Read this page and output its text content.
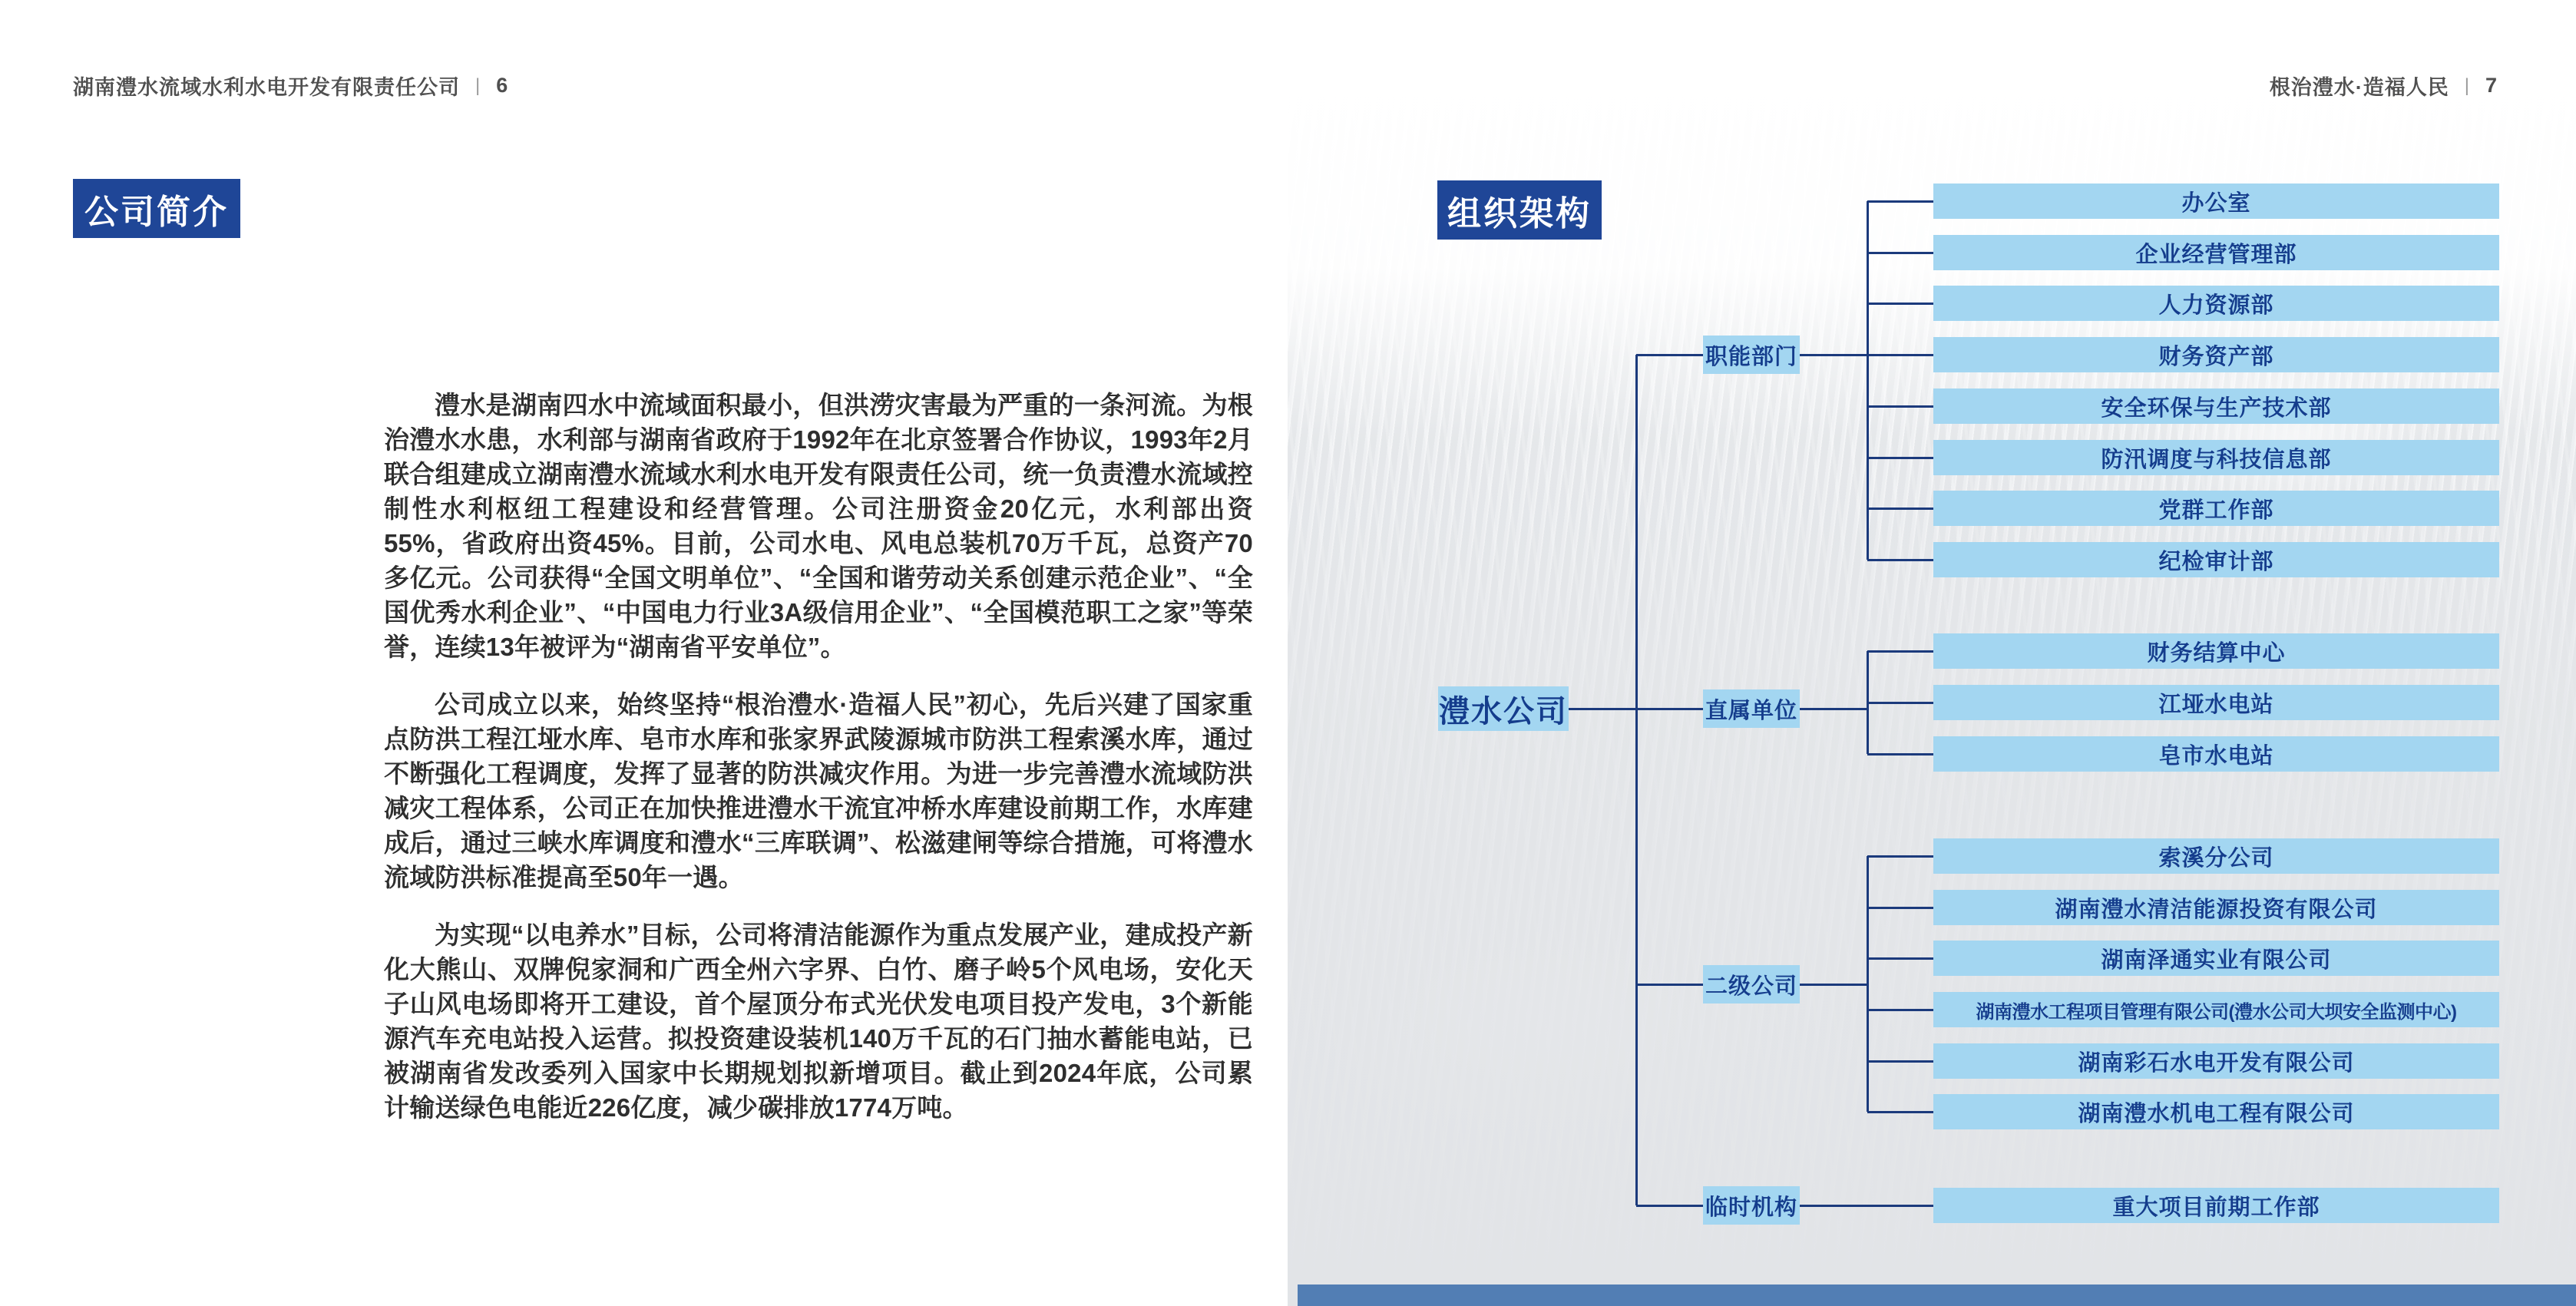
湖南澧水流域水利水电开发有限责任公司 | 6
公司简介

澧水是湖南四水中流域面积最小，但洪涝灾害最为严重的一条河流。为根治澧水水患，水利部与湖南省政府于1992年在北京签署合作协议，1993年2月联合组建成立湖南澧水流域水利水电开发有限责任公司，统一负责澧水流域控制性水利枢纽工程建设和经营管理。公司注册资金20亿元，水利部出资55%，省政府出资45%。目前，公司水电、风电总装机70万千瓦，总资产70多亿元。公司获得“全国文明单位”、“全国和谐劳动关系创建示范企业”、“全国优秀水利企业”、“中国电力行业3A级信用企业”、“全国模范职工之家”等荣誉，连续13年被评为“湖南省平安单位”。

公司成立以来，始终坚持“根治澧水·造福人民”初心，先后兴建了国家重点防洪工程江垭水库、皂市水库和张家界武陵源城市防洪工程索溪水库，通过不断强化工程调度，发挥了显著的防洪减灾作用。为进一步完善澧水流域防洪减灾工程体系，公司正在加快推进澧水干流宜冲桥水库建设前期工作，水库建成后，通过三峡水库调度和澧水“三库联调”、松滋建闸等综合措施，可将澧水流域防洪标准提高至50年一遇。

为实现“以电养水”目标，公司将清洁能源作为重点发展产业，建成投产新化大熊山、双牌倪家洞和广西全州六字界、白竹、磨子岭5个风电场，安化天子山风电场即将开工建设，首个屋顶分布式光伏发电项目投产发电，3个新能源汽车充电站投入运营。拟投资建设装机140万千瓦的石门抽水蓄能电站，已被湖南省发改委列入国家中长期规划拟新增项目。截止到2024年底，公司累计输送绿色电能近226亿度，减少碳排放1774万吨。

根治澧水·造福人民 | 7
组织架构
澧水公司
职能部门
办公室
企业经营管理部
人力资源部
财务资产部
安全环保与生产技术部
防汛调度与科技信息部
党群工作部
纪检审计部
直属单位
财务结算中心
江垭水电站
皂市水电站
二级公司
索溪分公司
湖南澧水清洁能源投资有限公司
湖南泽通实业有限公司
湖南澧水工程项目管理有限公司(澧水公司大坝安全监测中心)
湖南彩石水电开发有限公司
湖南澧水机电工程有限公司
临时机构	重大项目前期工作部
